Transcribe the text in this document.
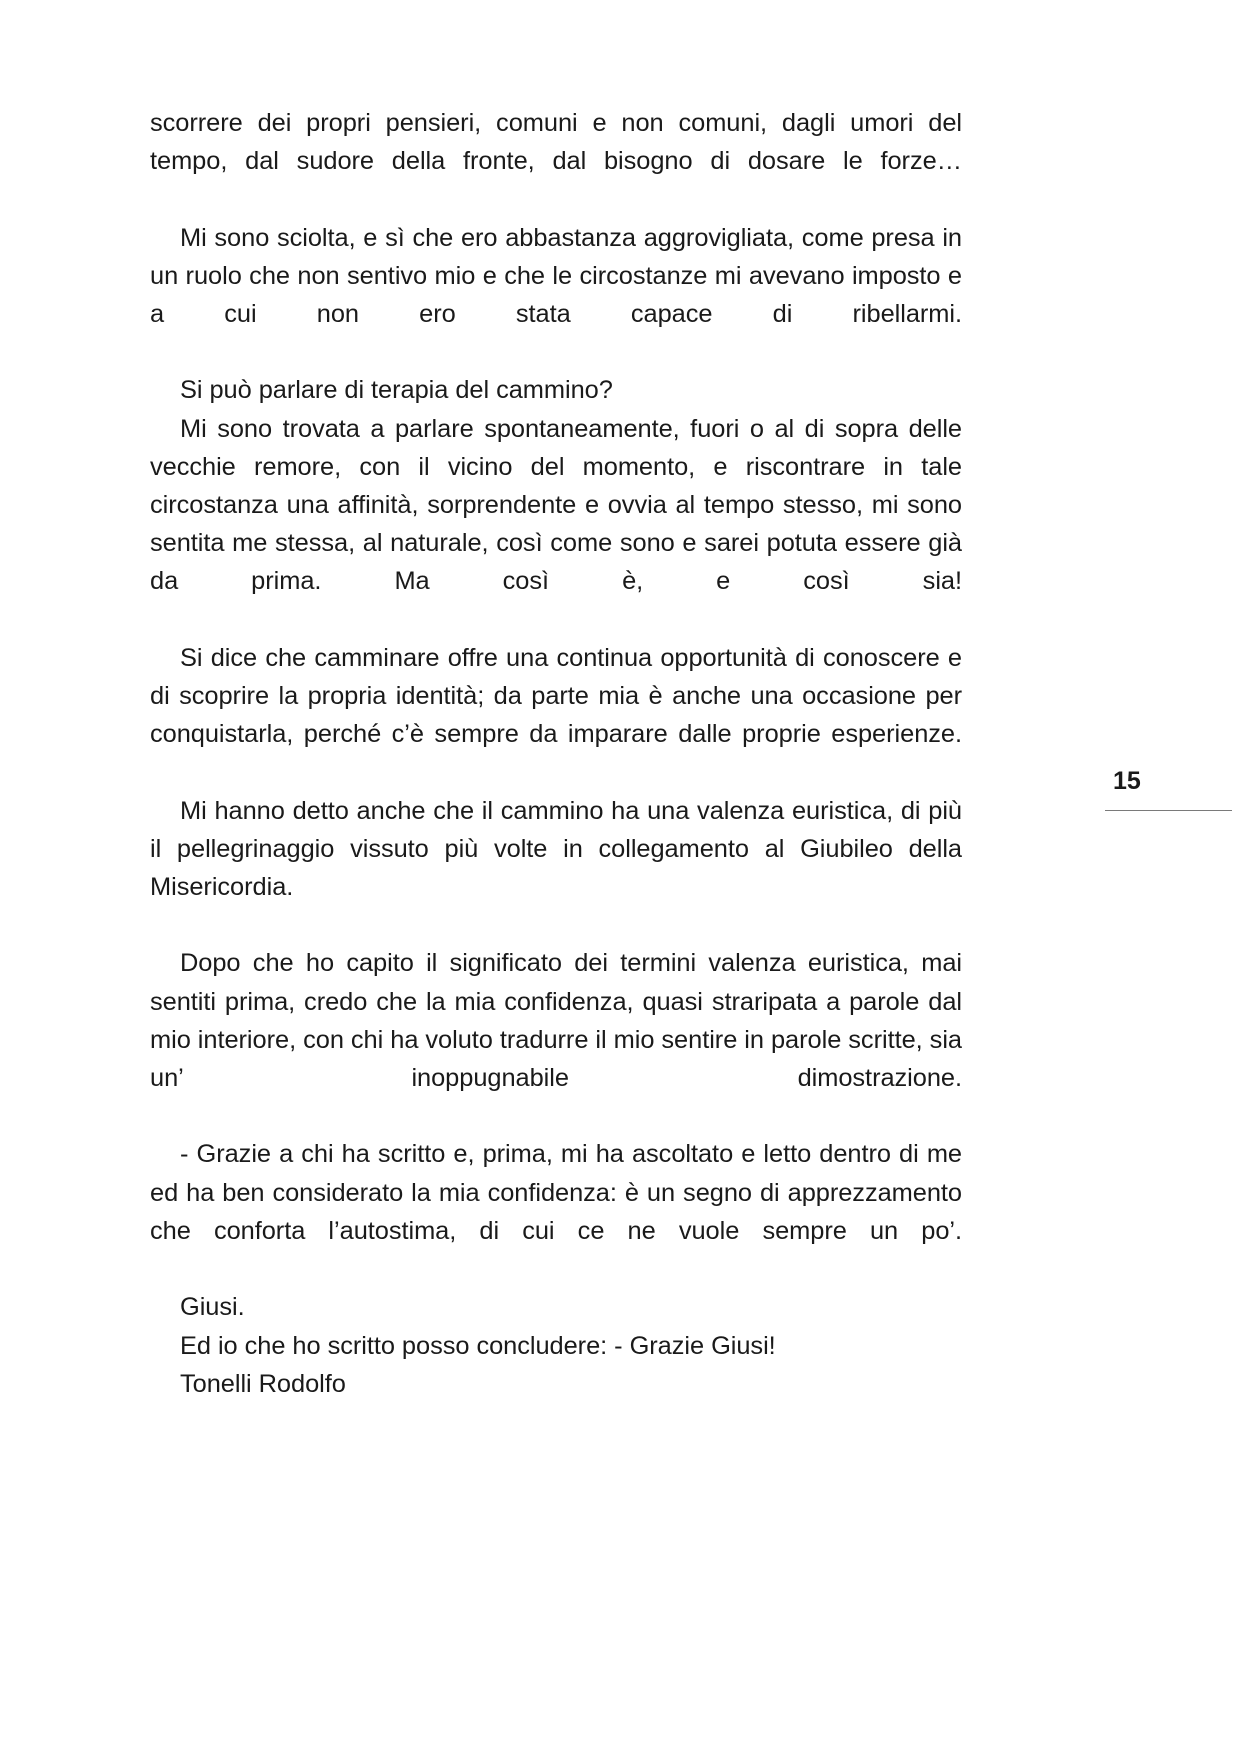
scorrere dei propri pensieri, comuni e non comuni, dagli umori del tempo, dal sudore della fronte, dal bisogno di dosare le forze…

Mi sono sciolta, e sì che ero abbastanza aggrovigliata, come presa in un ruolo che non sentivo mio e che le circostanze mi avevano imposto e a cui non ero stata capace di ribellarmi.

Si può parlare di terapia del cammino?

Mi sono trovata a parlare spontaneamente, fuori o al di sopra delle vecchie remore, con il vicino del momento, e riscontrare in tale circostanza una affinità, sorprendente e ovvia al tempo stesso, mi sono sentita me stessa, al naturale, così come sono e sarei potuta essere già da prima. Ma così è, e così sia!

Si dice che camminare offre una continua opportunità di conoscere e di scoprire la propria identità; da parte mia è anche una occasione per conquistarla, perché c’è sempre da imparare dalle proprie esperienze.

Mi hanno detto anche che il cammino ha una valenza euristica, di più il pellegrinaggio vissuto più volte in collegamento al Giubileo della Misericordia.

Dopo che ho capito il significato dei termini valenza euristica, mai sentiti prima, credo che la mia confidenza, quasi straripata a parole dal mio interiore, con chi ha voluto tradurre il mio sentire in parole scritte, sia un’ inoppugnabile dimostrazione.

- Grazie a chi ha scritto e, prima, mi ha ascoltato e letto dentro di me ed ha ben considerato la mia confidenza: è un segno di apprezzamento che conforta l’autostima, di cui ce ne vuole sempre un po’.

Giusi.

Ed io che ho scritto posso concludere: - Grazie Giusi!

Tonelli Rodolfo

15
